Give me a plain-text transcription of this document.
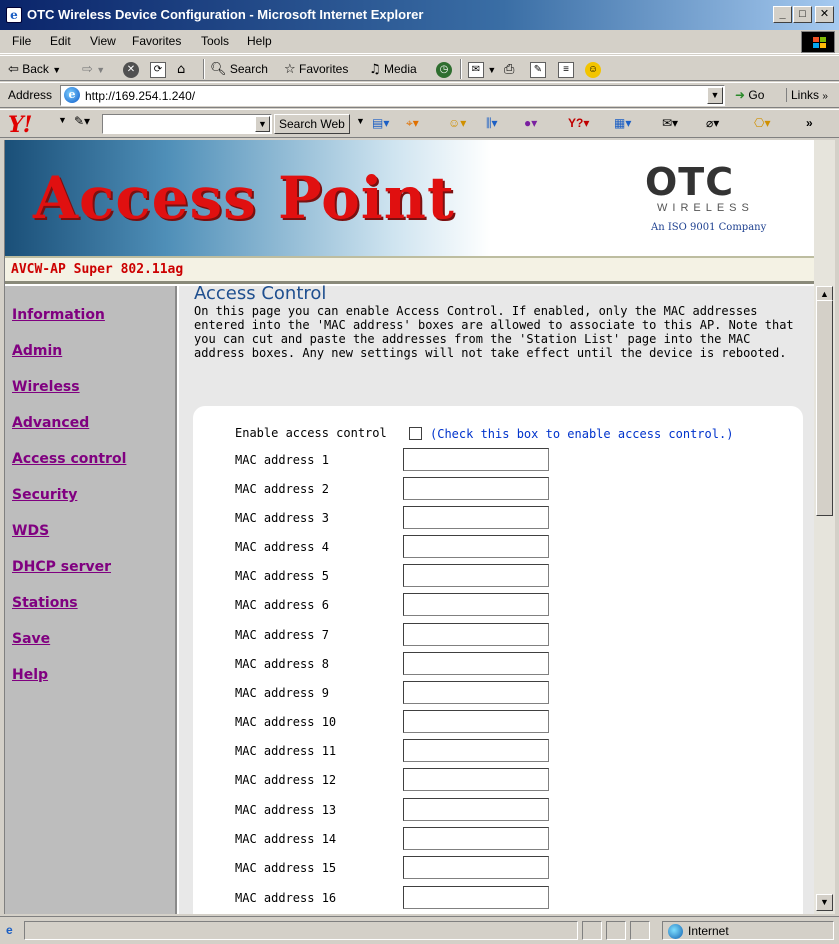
e OTC Wireless Device Configuration - Microsoft Internet Explorer	_	□	✕
File Edit View Favorites Tools Help
⇦ Back ▼ ⇨ ▼	✕	⟳ ⌂ 🔍︎ Search ☆ Favorites ♫ Media	◷	✉ ▼ ⎙	✎	≡	☺
Address	e http://169.254.1.240/	▼ ➜ Go	Links »
Y!	▼ ✎▾	▼	Search Web	▼ ▤▾ ⌖▾ ☺▾ ⫼▾ ●▾	Y?▾ ▦▾	✉▾ ⌀▾	⎔▾	»
Access Point	OTC
WIRELESS
An ISO 9001 Company
AVCW-AP Super 802.11ag
Information
Admin
Wireless
Advanced
Access control
Security
WDS
DHCP server
Stations
Save
Help
Access Control
On this page you can enable Access Control. If enabled, only the MAC addresses entered into the 'MAC address' boxes are allowed to associate to this AP. Note that you can cut and paste the addresses from the 'Station List' page into the MAC address boxes. Any new settings will not take effect until the device is rebooted.
Enable access control	(Check this box to enable access control.)
MAC address 1
MAC address 2
MAC address 3
MAC address 4
MAC address 5
MAC address 6
MAC address 7
MAC address 8
MAC address 9
MAC address 10
MAC address 11
MAC address 12
MAC address 13
MAC address 14
MAC address 15
MAC address 16
▲
▼
e	Internet
